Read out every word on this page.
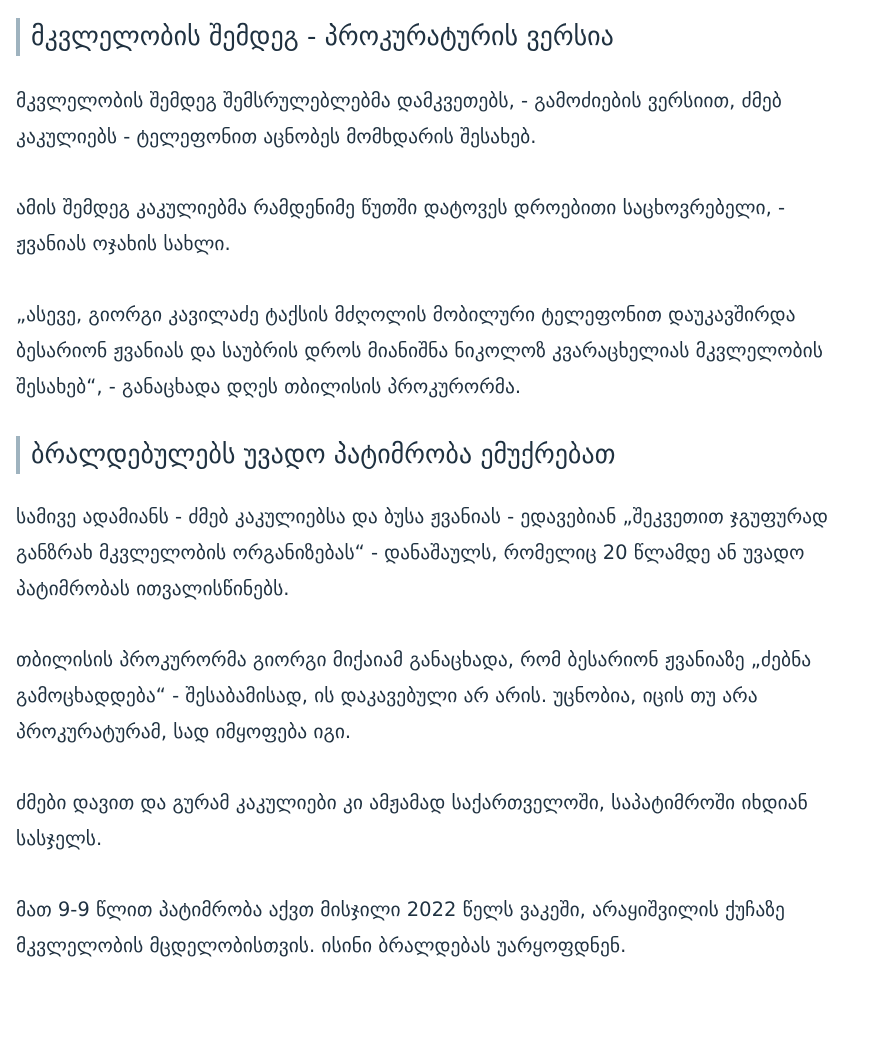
მკვლელობის შემდეგ - პროკურატურის ვერსია

მკვლელობის შემდეგ შემსრულებლებმა დამკვეთებს, - გამოძიების ვერსიით, ძმებ კაკულიებს - ტელეფონით აცნობეს მომხდარის შესახებ.

ამის შემდეგ კაკულიებმა რამდენიმე წუთში დატოვეს დროებითი საცხოვრებელი, - ჟვანიას ოჯახის სახლი.

„ასევე, გიორგი კავილაძე ტაქსის მძღოლის მობილური ტელეფონით დაუკავშირდა ბესარიონ ჟვანიას და საუბრის დროს მიანიშნა ნიკოლოზ კვარაცხელიას მკვლელობის შესახებ“, - განაცხადა დღეს თბილისის პროკურორმა.

ბრალდებულებს უვადო პატიმრობა ემუქრებათ

სამივე ადამიანს - ძმებ კაკულიებსა და ბუსა ჟვანიას - ედავებიან „შეკვეთით ჯგუფურად განზრახ მკვლელობის ორგანიზებას“ - დანაშაულს, რომელიც 20 წლამდე ან უვადო პატიმრობას ითვალისწინებს.

თბილისის პროკურორმა გიორგი მიქაიამ განაცხადა, რომ ბესარიონ ჟვანიაზე „ძებნა გამოცხადდება“ - შესაბამისად, ის დაკავებული არ არის. უცნობია, იცის თუ არა პროკურატურამ, სად იმყოფება იგი.

ძმები დავით და გურამ კაკულიები კი ამჟამად საქართველოში, საპატიმროში იხდიან სასჯელს.

მათ 9-9 წლით პატიმრობა აქვთ მისჯილი 2022 წელს ვაკეში, არაყიშვილის ქუჩაზე მკვლელობის მცდელობისთვის. ისინი ბრალდებას უარყოფდნენ.
